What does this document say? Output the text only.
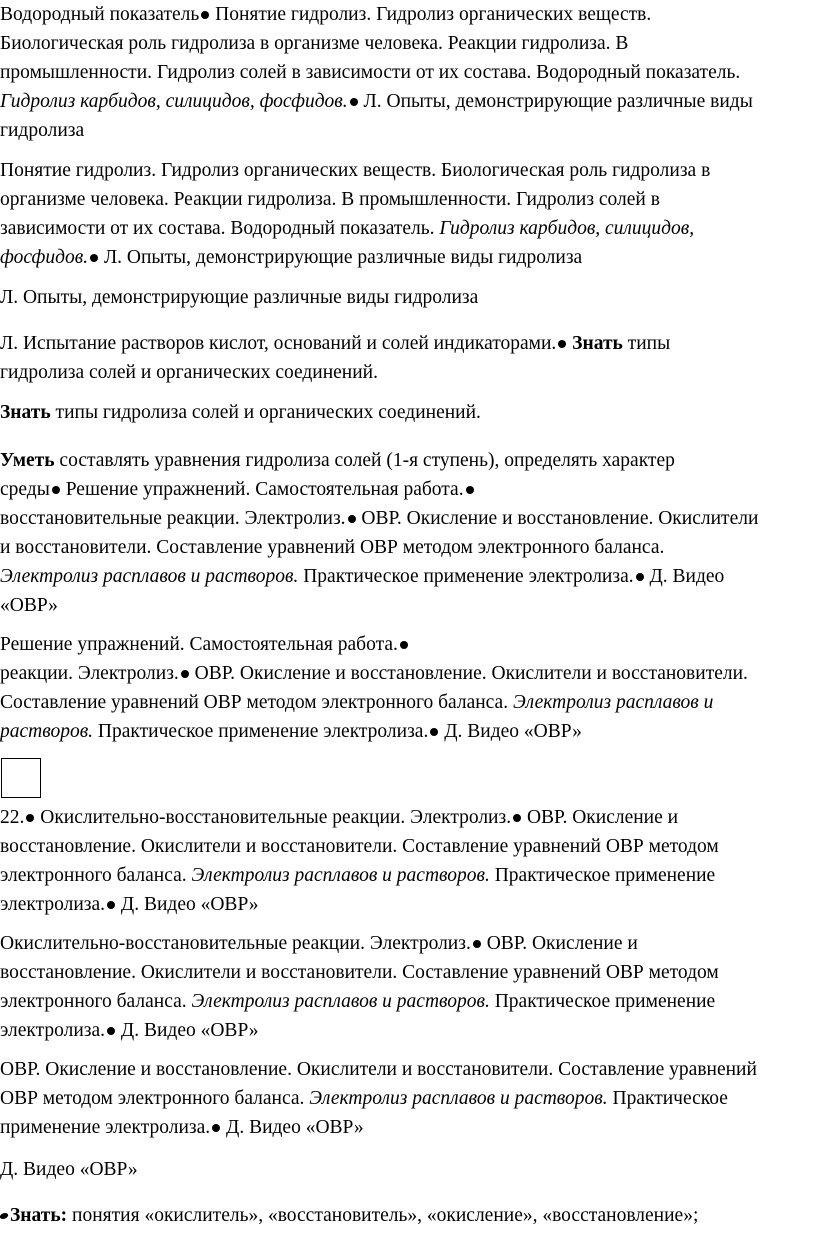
Водородный показатель Понятие гидролиз. Гидролиз органических веществ.
Биологическая роль гидролиза в организме человека. Реакции гидролиза. В
промышленности. Гидролиз солей в зависимости от их состава. Водородный показатель.
Гидролиз карбидов, силицидов, фосфидов. Л. Опыты, демонстрирующие различные виды
гидролиза
Понятие гидролиз. Гидролиз органических веществ. Биологическая роль гидролиза в
организме человека. Реакции гидролиза. В промышленности. Гидролиз солей в
зависимости от их состава. Водородный показатель. Гидролиз карбидов, силицидов,
фосфидов. Л. Опыты, демонстрирующие различные виды гидролиза
Л. Опыты, демонстрирующие различные виды гидролиза
Л. Испытание растворов кислот, оснований и солей индикаторами. Знать типы
гидролиза солей и органических соединений.
Знать типы гидролиза солей и органических соединений.
Уметь составлять уравнения гидролиза солей (1-я ступень), определять характер
среды Решение упражнений. Самостоятельная работа.
восстановительные реакции. Электролиз. ОВР. Окисление и восстановление. Окислители
и восстановители. Составление уравнений ОВР методом электронного баланса.
Электролиз расплавов и растворов. Практическое применение электролиза. Д. Видео
«ОВР»
Решение упражнений. Самостоятельная работа.
реакции. Электролиз. ОВР. Окисление и восстановление. Окислители и восстановители.
Составление уравнений ОВР методом электронного баланса. Электролиз расплавов и
растворов. Практическое применение электролиза. Д. Видео «ОВР»
22. Окислительно-восстановительные реакции. Электролиз. ОВР. Окисление и
восстановление. Окислители и восстановители. Составление уравнений ОВР методом
электронного баланса. Электролиз расплавов и растворов. Практическое применение
электролиза. Д. Видео «ОВР»
Окислительно-восстановительные реакции. Электролиз. ОВР. Окисление и
восстановление. Окислители и восстановители. Составление уравнений ОВР методом
электронного баланса. Электролиз расплавов и растворов. Практическое применение
электролиза. Д. Видео «ОВР»
ОВР. Окисление и восстановление. Окислители и восстановители. Составление уравнений
ОВР методом электронного баланса. Электролиз расплавов и растворов. Практическое
применение электролиза. Д. Видео «ОВР»
Д. Видео «ОВР»
Знать: понятия «окислитель», «восстановитель», «окисление», «восстановление»;
